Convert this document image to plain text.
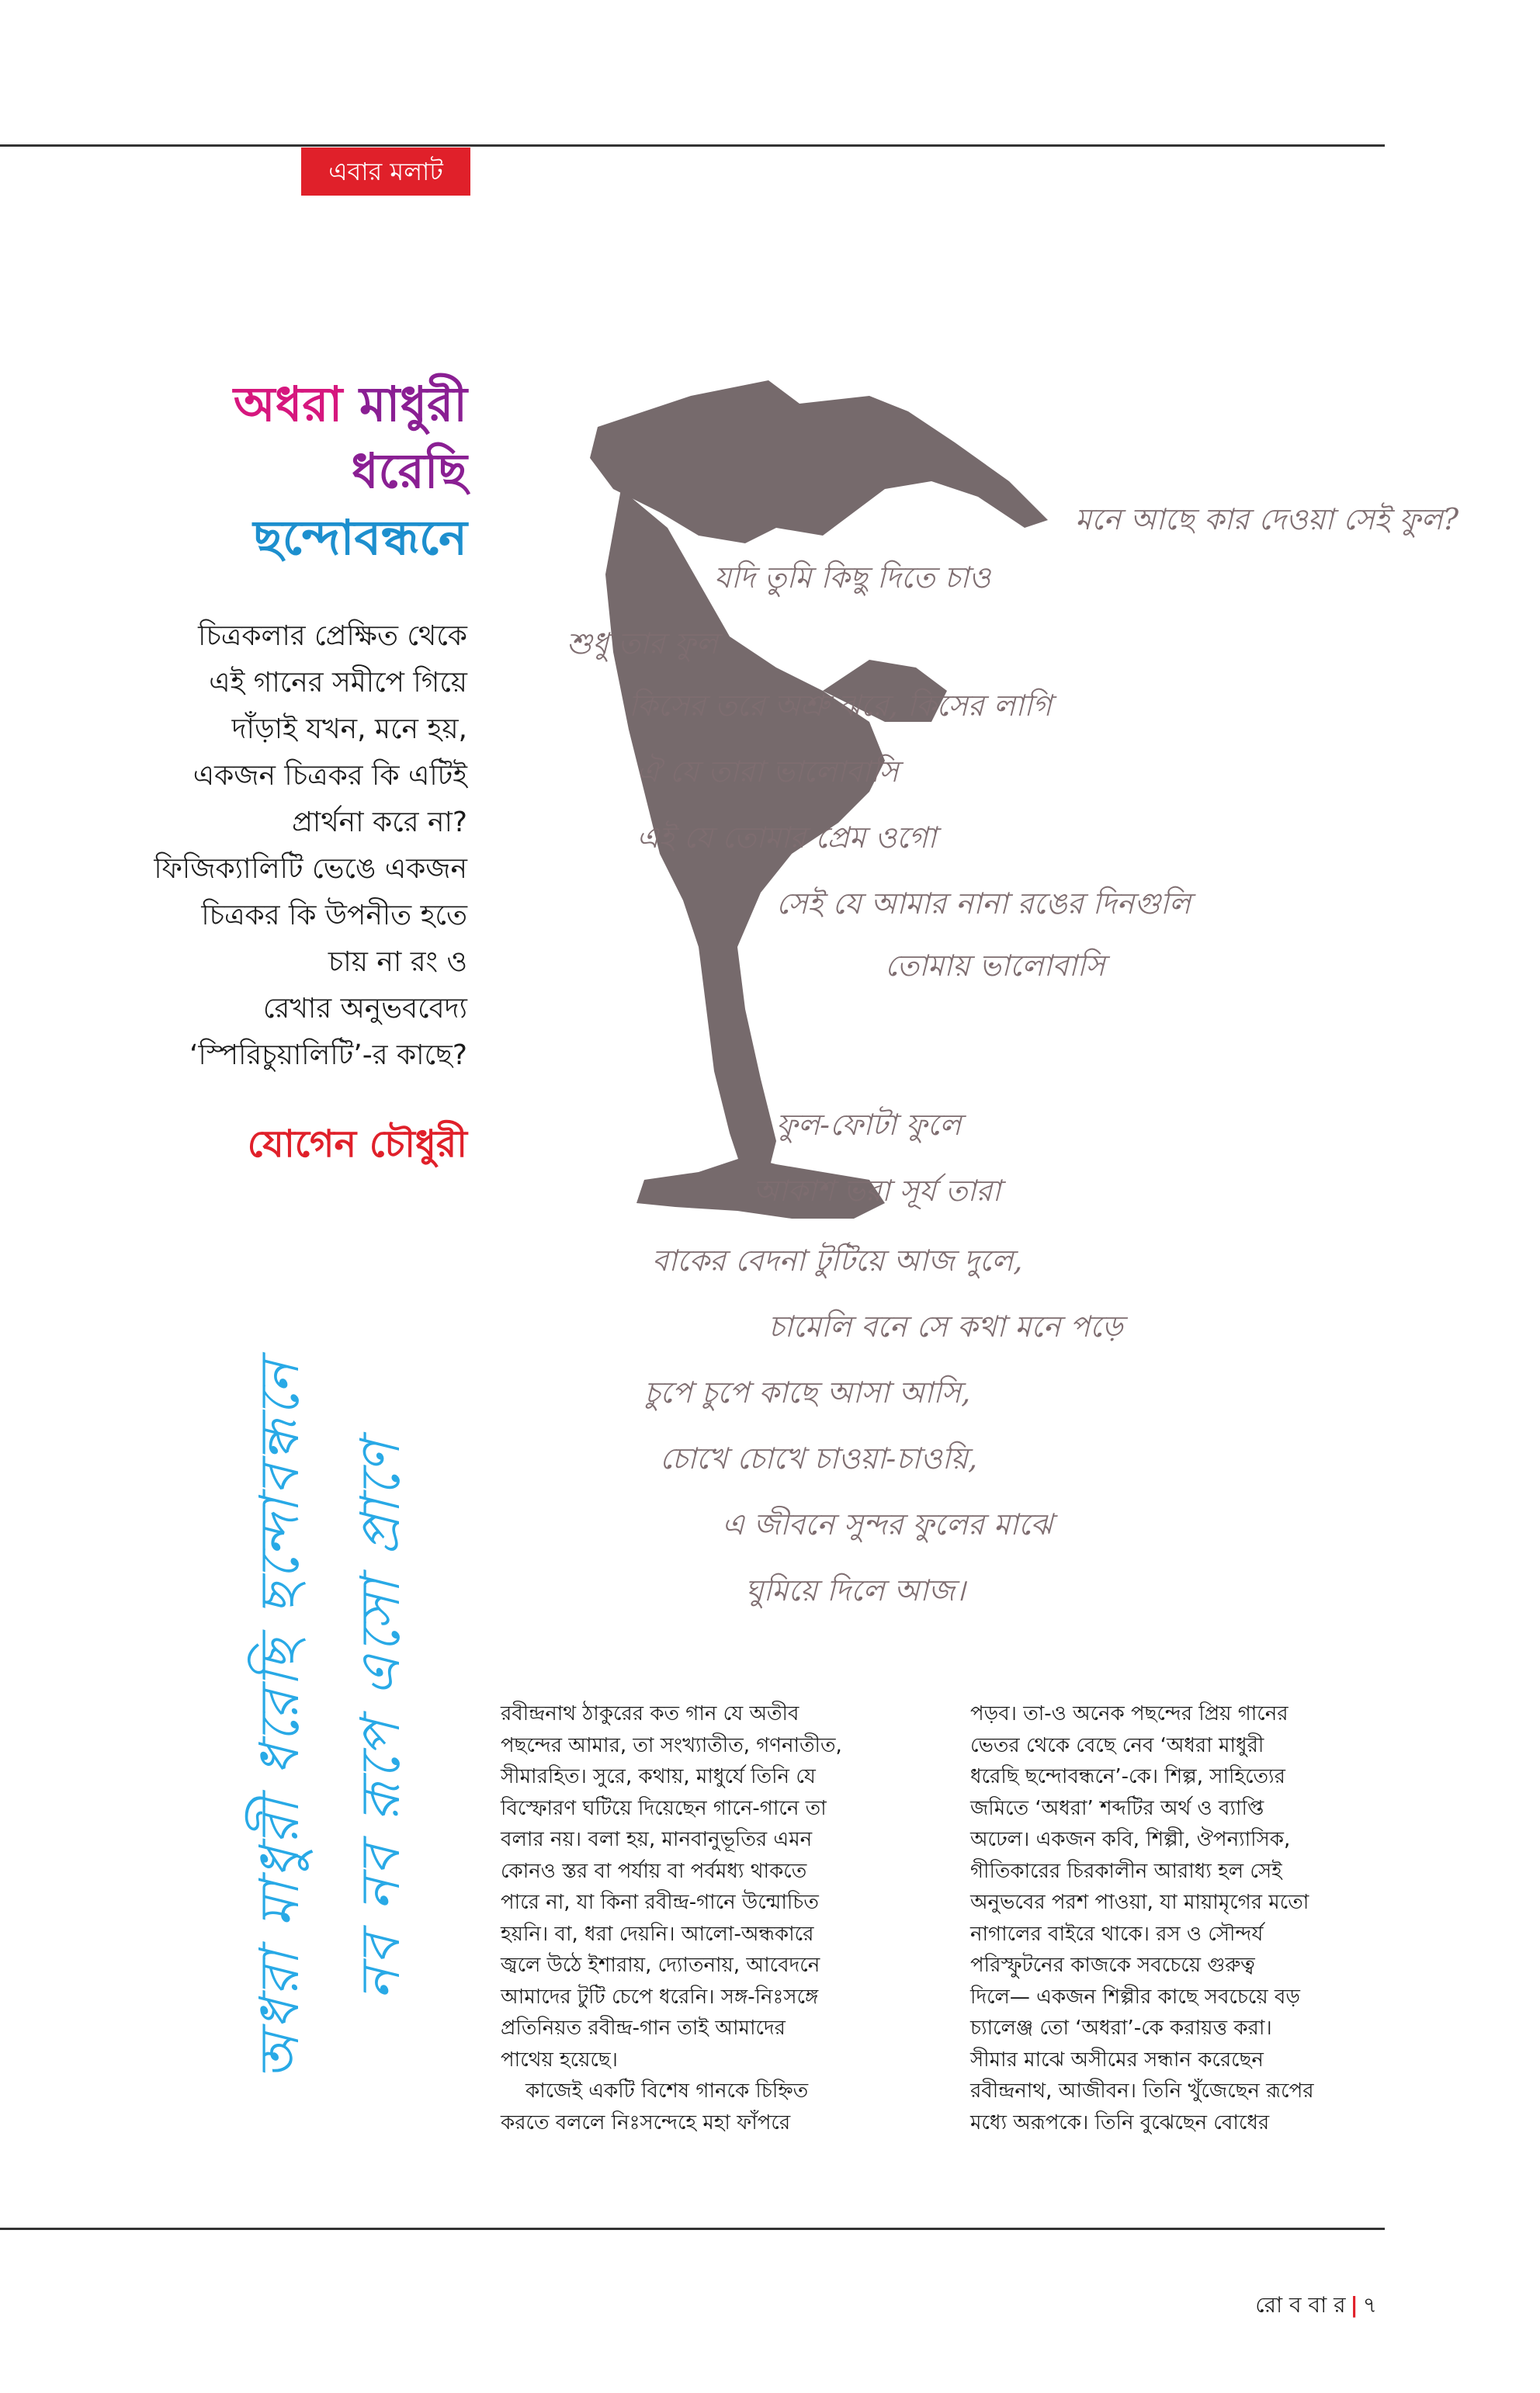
এবার মলাট
অধরা মাধুরী
ধরেছি
ছন্দোবন্ধনে
চিত্রকলার প্রেক্ষিত থেকে
এই গানের সমীপে গিয়ে
দাঁড়াই যখন, মনে হয়,
একজন চিত্রকর কি এটিই
প্রার্থনা করে না?
ফিজিক্যালিটি ভেঙে একজন
চিত্রকর কি উপনীত হতে
চায় না রং ও
রেখার অনুভববেদ্য
‘স্পিরিচুয়ালিটি’-র কাছে?
যোগেন চৌধুরী
অধরা মাধুরী ধরেছি ছন্দোবন্ধনে নব নব রূপে এসো প্রাণে
মনে আছে কার দেওয়া সেই ফুল?
যদি তুমি কিছু দিতে চাও
শুধু তার ফুল
কিসের তরে অশ্রু ঝরে, কিসের লাগি
ঐ যে তারা ভালোবাসি
এই যে তোমার প্রেম ওগো
সেই যে আমার নানা রঙের দিনগুলি
তোমায় ভালোবাসি
ফুল-ফোটা ফুলে
আকাশ ভরা সূর্য তারা
বাকের বেদনা টুটিয়ে আজ দুলে,
চামেলি বনে সে কথা মনে পড়ে
চুপে চুপে কাছে আসা আসি,
চোখে চোখে চাওয়া-চাওয়ি,
এ জীবনে সুন্দর ফুলের মাঝে
ঘুমিয়ে দিলে আজ।
রবীন্দ্রনাথ ঠাকুরের কত গান যে অতীব
পছন্দের আমার, তা সংখ্যাতীত, গণনাতীত,
সীমারহিত। সুরে, কথায়, মাধুর্যে তিনি যে
বিস্ফোরণ ঘটিয়ে দিয়েছেন গানে-গানে তা
বলার নয়। বলা হয়, মানবানুভূতির এমন
কোনও স্তর বা পর্যায় বা পর্বমধ্য থাকতে
পারে না, যা কিনা রবীন্দ্র-গানে উন্মোচিত
হয়নি। বা, ধরা দেয়নি। আলো-অন্ধকারে
জ্বলে উঠে ইশারায়, দ্যোতনায়, আবেদনে
আমাদের টুটি চেপে ধরেনি। সঙ্গ-নিঃসঙ্গে
প্রতিনিয়ত রবীন্দ্র-গান তাই আমাদের
পাথেয় হয়েছে।
কাজেই একটি বিশেষ গানকে চিহ্নিত
করতে বললে নিঃসন্দেহে মহা ফাঁপরে
পড়ব। তা-ও অনেক পছন্দের প্রিয় গানের
ভেতর থেকে বেছে নেব ‘অধরা মাধুরী
ধরেছি ছন্দোবন্ধনে’-কে। শিল্প, সাহিত্যের
জমিতে ‘অধরা’ শব্দটির অর্থ ও ব্যাপ্তি
অঢেল। একজন কবি, শিল্পী, ঔপন্যাসিক,
গীতিকারের চিরকালীন আরাধ্য হল সেই
অনুভবের পরশ পাওয়া, যা মায়ামৃগের মতো
নাগালের বাইরে থাকে। রস ও সৌন্দর্য
পরিস্ফুটনের কাজকে সবচেয়ে গুরুত্ব
দিলে— একজন শিল্পীর কাছে সবচেয়ে বড়
চ্যালেঞ্জ তো ‘অধরা’-কে করায়ত্ত করা।
সীমার মাঝে অসীমের সন্ধান করেছেন
রবীন্দ্রনাথ, আজীবন। তিনি খুঁজেছেন রূপের
মধ্যে অরূপকে। তিনি বুঝেছেন বোধের
রো ব বা র | ৭
